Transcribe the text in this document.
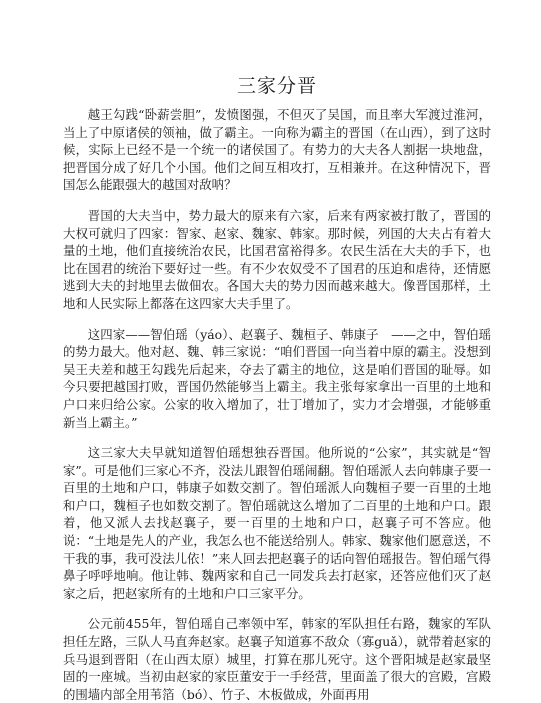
三家分晋

越王勾践“卧薪尝胆”，发愤图强，不但灭了吴国，而且率大军渡过淮河，当上了中原诸侯的领袖，做了霸主。一向称为霸主的晋国（在山西），到了这时候，实际上已经不是一个统一的诸侯国了。有势力的大夫各人割据一块地盘，把晋国分成了好几个小国。他们之间互相攻打，互相兼并。在这种情况下，晋国怎么能跟强大的越国对敌呐？

晋国的大夫当中，势力最大的原来有六家，后来有两家被打散了，晋国的大权可就归了四家：智家、赵家、魏家、韩家。那时候，列国的大夫占有着大量的土地，他们直接统治农民，比国君富裕得多。农民生活在大夫的手下，也比在国君的统治下要好过一些。有不少农奴受不了国君的压迫和虐待，还情愿逃到大夫的封地里去做佃农。各国大夫的势力因而越来越大。像晋国那样，土地和人民实际上都落在这四家大夫手里了。

这四家——智伯瑶（yáo）、赵襄子、魏桓子、韩康子　——之中，智伯瑶的势力最大。他对赵、魏、韩三家说：“咱们晋国一向当着中原的霸主。没想到吴王夫差和越王勾践先后起来，夺去了霸主的地位，这是咱们晋国的耻辱。如今只要把越国打败，晋国仍然能够当上霸主。我主张每家拿出一百里的土地和户口来归给公家。公家的收入增加了，壮丁增加了，实力才会增强，才能够重新当上霸主。”

这三家大夫早就知道智伯瑶想独吞晋国。他所说的“公家”，其实就是“智家”。可是他们三家心不齐，没法儿跟智伯瑶闹翻。智伯瑶派人去向韩康子要一百里的土地和户口，韩康子如数交割了。智伯瑶派人向魏桓子要一百里的土地和户口，魏桓子也如数交割了。智伯瑶就这么增加了二百里的土地和户口。跟着，他又派人去找赵襄子，要一百里的土地和户口，赵襄子可不答应。他说：“土地是先人的产业，我怎么也不能送给别人。韩家、魏家他们愿意送，不干我的事，我可没法儿依！”来人回去把赵襄子的话向智伯瑶报告。智伯瑶气得鼻子呼呼地响。他让韩、魏两家和自己一同发兵去打赵家，还答应他们灭了赵家之后，把赵家所有的土地和户口三家平分。

公元前455年，智伯瑶自己率领中军，韩家的军队担任右路，魏家的军队担任左路，三队人马直奔赵家。赵襄子知道寡不敌众（寡guǎ），就带着赵家的兵马退到晋阳（在山西太原）城里，打算在那儿死守。这个晋阳城是赵家最坚固的一座城。当初由赵家的家臣董安于一手经营，里面盖了很大的宫殿，宫殿的围墙内部全用苇箔（bó）、竹子、木板做成，外面再用
